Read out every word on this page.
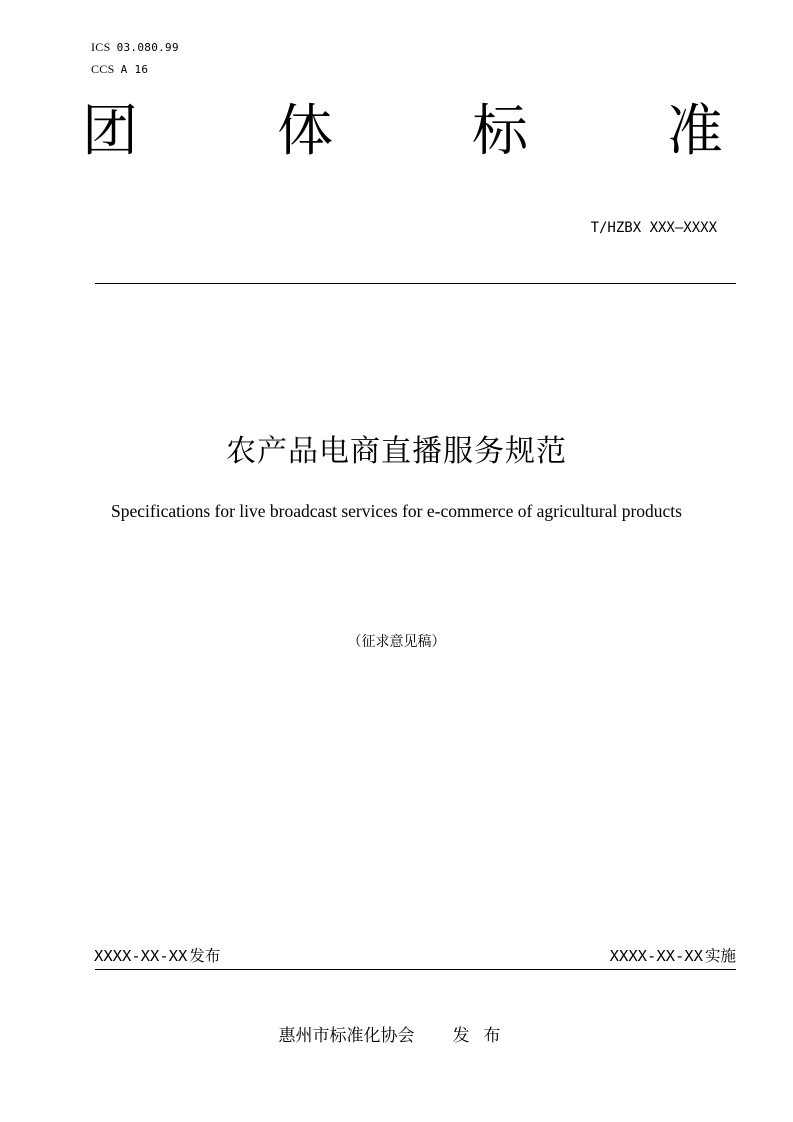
ICS 03.080.99
CCS A 16
团 体 标 准
T/HZBX XXX—XXXX
农产品电商直播服务规范
Specifications for live broadcast services for e-commerce of agricultural products
（征求意见稿）
XXXX-XX-XX 发布	XXXX-XX-XX 实施
惠州市标准化协会 发布
